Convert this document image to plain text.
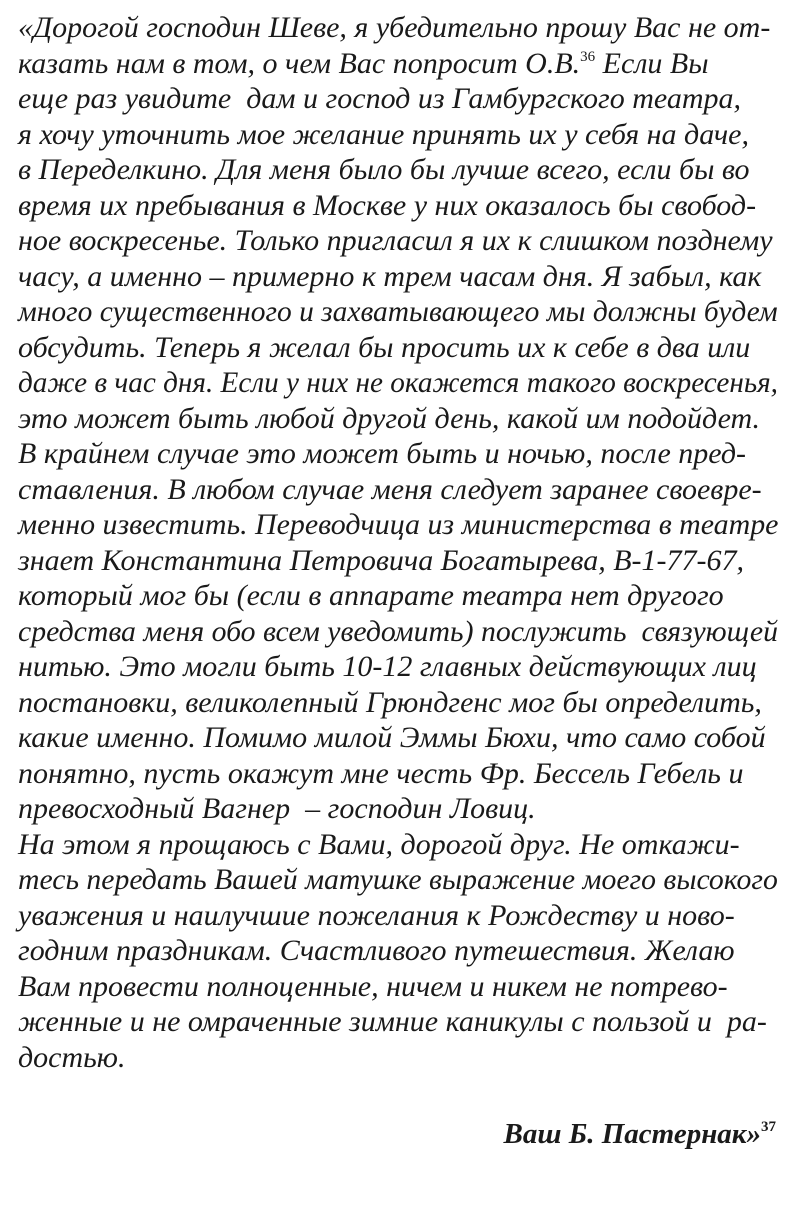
«Дорогой господин Шеве, я убедительно прошу Вас не от-
казать нам в том, о чем Вас попросит О.В.$^{36}$ Если Вы
еще раз увидите  дам и господ из Гамбургского театра,
я хочу уточнить мое желание принять их у себя на даче,
в Переделкино. Для меня было бы лучше всего, если бы во
время их пребывания в Москве у них оказалось бы свобод-
ное воскресенье. Только пригласил я их к слишком позднему
часу, а именно – примерно к трем часам дня. Я забыл, как
много существенного и захватывающего мы должны будем
обсудить. Теперь я желал бы просить их к себе в два или
даже в час дня. Если у них не окажется такого воскресенья,
это может быть любой другой день, какой им подойдет.
В крайнем случае это может быть и ночью, после пред-
ставления. В любом случае меня следует заранее своевре-
менно известить. Переводчица из министерства в театре
знает Константина Петровича Богатырева, В-1-77-67,
который мог бы (если в аппарате театра нет другого
средства меня обо всем уведомить) послужить  связующей
нитью. Это могли быть 10-12 главных действующих лиц
постановки, великолепный Грюндгенс мог бы определить,
какие именно. Помимо милой Эммы Бюхи, что само собой
понятно, пусть окажут мне честь Фр. Бессель Гебель и
превосходный Вагнер  – господин Ловиц.
На этом я прощаюсь с Вами, дорогой друг. Не откажи-
тесь передать Вашей матушке выражение моего высокого
уважения и наилучшие пожелания к Рождеству и ново-
годним праздникам. Счастливого путешествия. Желаю
Вам провести полноценные, ничем и никем не потрево-
женные и не омраченные зимние каникулы с пользой и  ра-
достью.
Ваш Б. Пастернак»$^{37}$
